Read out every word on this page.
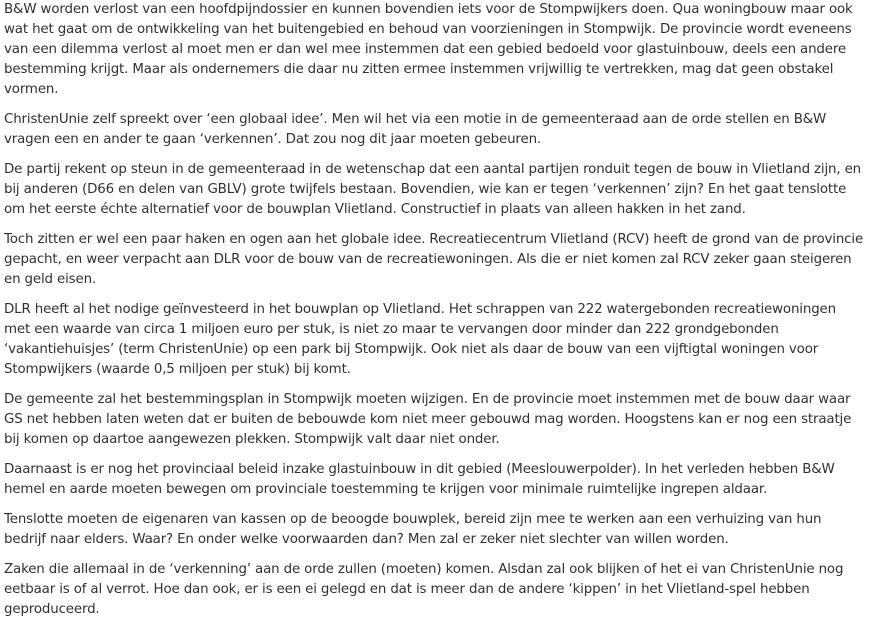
B&W worden verlost van een hoofdpijndossier en kunnen bovendien iets voor de Stompwijkers doen. Qua woningbouw maar ook wat het gaat om de ontwikkeling van het buitengebied en behoud van voorzieningen in Stompwijk. De provincie wordt eveneens van een dilemma verlost al moet men er dan wel mee instemmen dat een gebied bedoeld voor glastuinbouw, deels een andere bestemming krijgt. Maar als ondernemers die daar nu zitten ermee instemmen vrijwillig te vertrekken, mag dat geen obstakel vormen.

ChristenUnie zelf spreekt over ‘een globaal idee’. Men wil het via een motie in de gemeenteraad aan de orde stellen en B&W vragen een en ander te gaan ‘verkennen’. Dat zou nog dit jaar moeten gebeuren.

De partij rekent op steun in de gemeenteraad in de wetenschap dat een aantal partijen ronduit tegen de bouw in Vlietland zijn, en bij anderen (D66 en delen van GBLV) grote twijfels bestaan. Bovendien, wie kan er tegen ‘verkennen’ zijn? En het gaat tenslotte om het eerste échte alternatief voor de bouwplan Vlietland. Constructief in plaats van alleen hakken in het zand.

Toch zitten er wel een paar haken en ogen aan het globale idee. Recreatiecentrum Vlietland (RCV) heeft de grond van de provincie gepacht, en weer verpacht aan DLR voor de bouw van de recreatiewoningen. Als die er niet komen zal RCV zeker gaan steigeren en geld eisen.

DLR heeft al het nodige geïnvesteerd in het bouwplan op Vlietland. Het schrappen van 222 watergebonden recreatiewoningen met een waarde van circa 1 miljoen euro per stuk, is niet zo maar te vervangen door minder dan 222 grondgebonden ‘vakantiehuisjes’ (term ChristenUnie) op een park bij Stompwijk. Ook niet als daar de bouw van een vijftigtal woningen voor Stompwijkers (waarde 0,5 miljoen per stuk) bij komt.

De gemeente zal het bestemmingsplan in Stompwijk moeten wijzigen. En de provincie moet instemmen met de bouw daar waar GS net hebben laten weten dat er buiten de bebouwde kom niet meer gebouwd mag worden. Hoogstens kan er nog een straatje bij komen op daartoe aangewezen plekken. Stompwijk valt daar niet onder.

Daarnaast is er nog het provinciaal beleid inzake glastuinbouw in dit gebied (Meeslouwerpolder). In het verleden hebben B&W hemel en aarde moeten bewegen om provinciale toestemming te krijgen voor minimale ruimtelijke ingrepen aldaar.

Tenslotte moeten de eigenaren van kassen op de beoogde bouwplek, bereid zijn mee te werken aan een verhuizing van hun bedrijf naar elders. Waar? En onder welke voorwaarden dan? Men zal er zeker niet slechter van willen worden.

Zaken die allemaal in de ‘verkenning’ aan de orde zullen (moeten) komen. Alsdan zal ook blijken of het ei van ChristenUnie nog eetbaar is of al verrot. Hoe dan ook, er is een ei gelegd en dat is meer dan de andere ‘kippen’ in het Vlietland-spel hebben geproduceerd.
